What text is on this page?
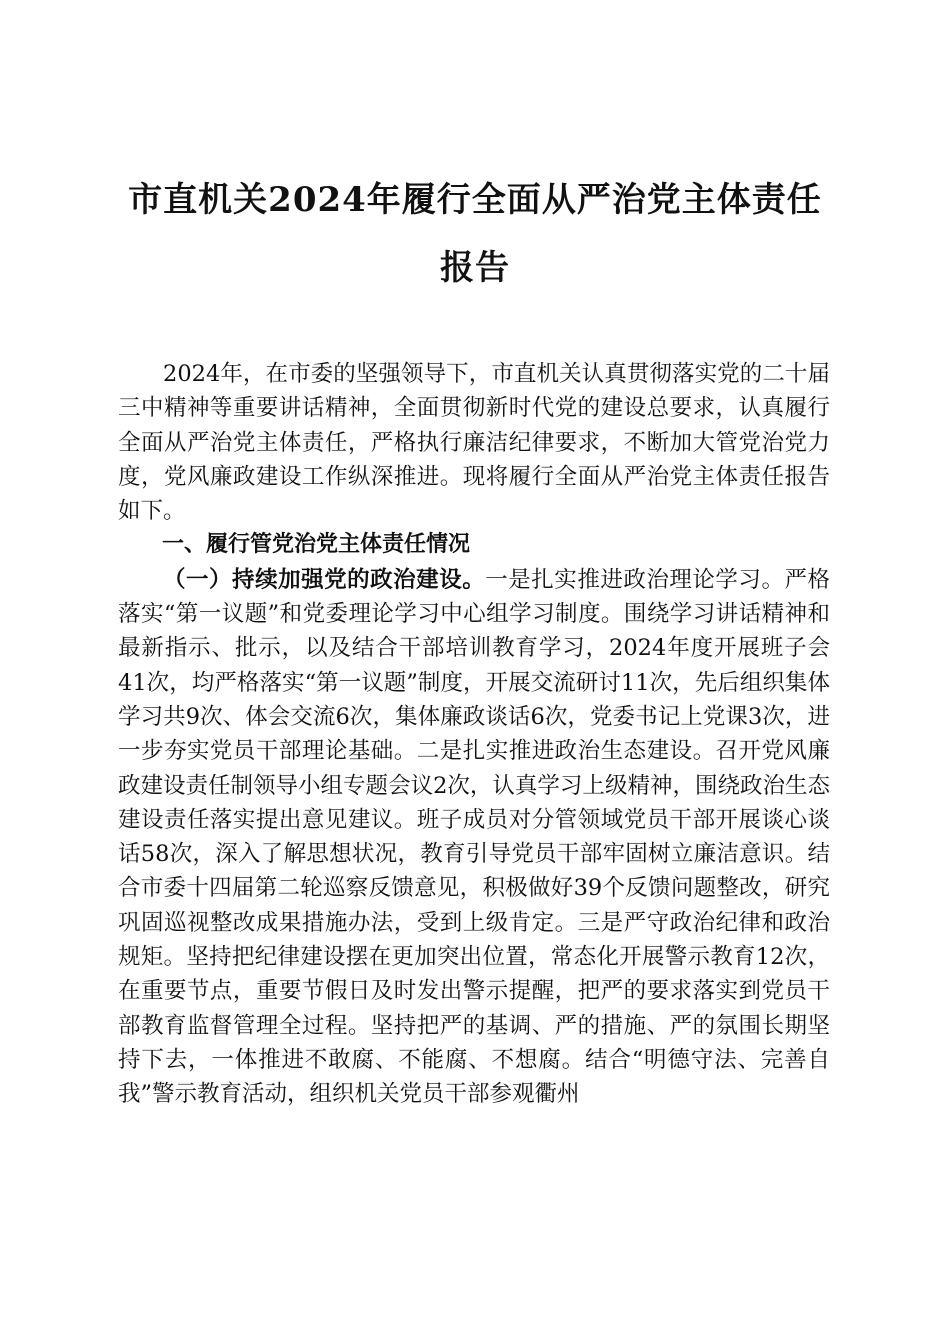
市直机关2024年履行全面从严治党主体责任
报告

2024年，在市委的坚强领导下，市直机关认真贯彻落实党的二十届三中精神等重要讲话精神，全面贯彻新时代党的建设总要求，认真履行全面从严治党主体责任，严格执行廉洁纪律要求，不断加大管党治党力度，党风廉政建设工作纵深推进。现将履行全面从严治党主体责任报告如下。

一、履行管党治党主体责任情况

（一）持续加强党的政治建设。一是扎实推进政治理论学习。严格落实“第一议题”和党委理论学习中心组学习制度。围绕学习讲话精神和最新指示、批示，以及结合干部培训教育学习，2024年度开展班子会41次，均严格落实“第一议题”制度，开展交流研讨11次，先后组织集体学习共9次、体会交流6次，集体廉政谈话6次，党委书记上党课3次，进一步夯实党员干部理论基础。二是扎实推进政治生态建设。召开党风廉政建设责任制领导小组专题会议2次，认真学习上级精神，围绕政治生态建设责任落实提出意见建议。班子成员对分管领域党员干部开展谈心谈话58次，深入了解思想状况，教育引导党员干部牢固树立廉洁意识。结合市委十四届第二轮巡察反馈意见，积极做好39个反馈问题整改，研究巩固巡视整改成果措施办法，受到上级肯定。三是严守政治纪律和政治规矩。坚持把纪律建设摆在更加突出位置，常态化开展警示教育12次，在重要节点，重要节假日及时发出警示提醒，把严的要求落实到党员干部教育监督管理全过程。坚持把严的基调、严的措施、严的氛围长期坚持下去，一体推进不敢腐、不能腐、不想腐。结合“明德守法、完善自我”警示教育活动，组织机关党员干部参观衢州
